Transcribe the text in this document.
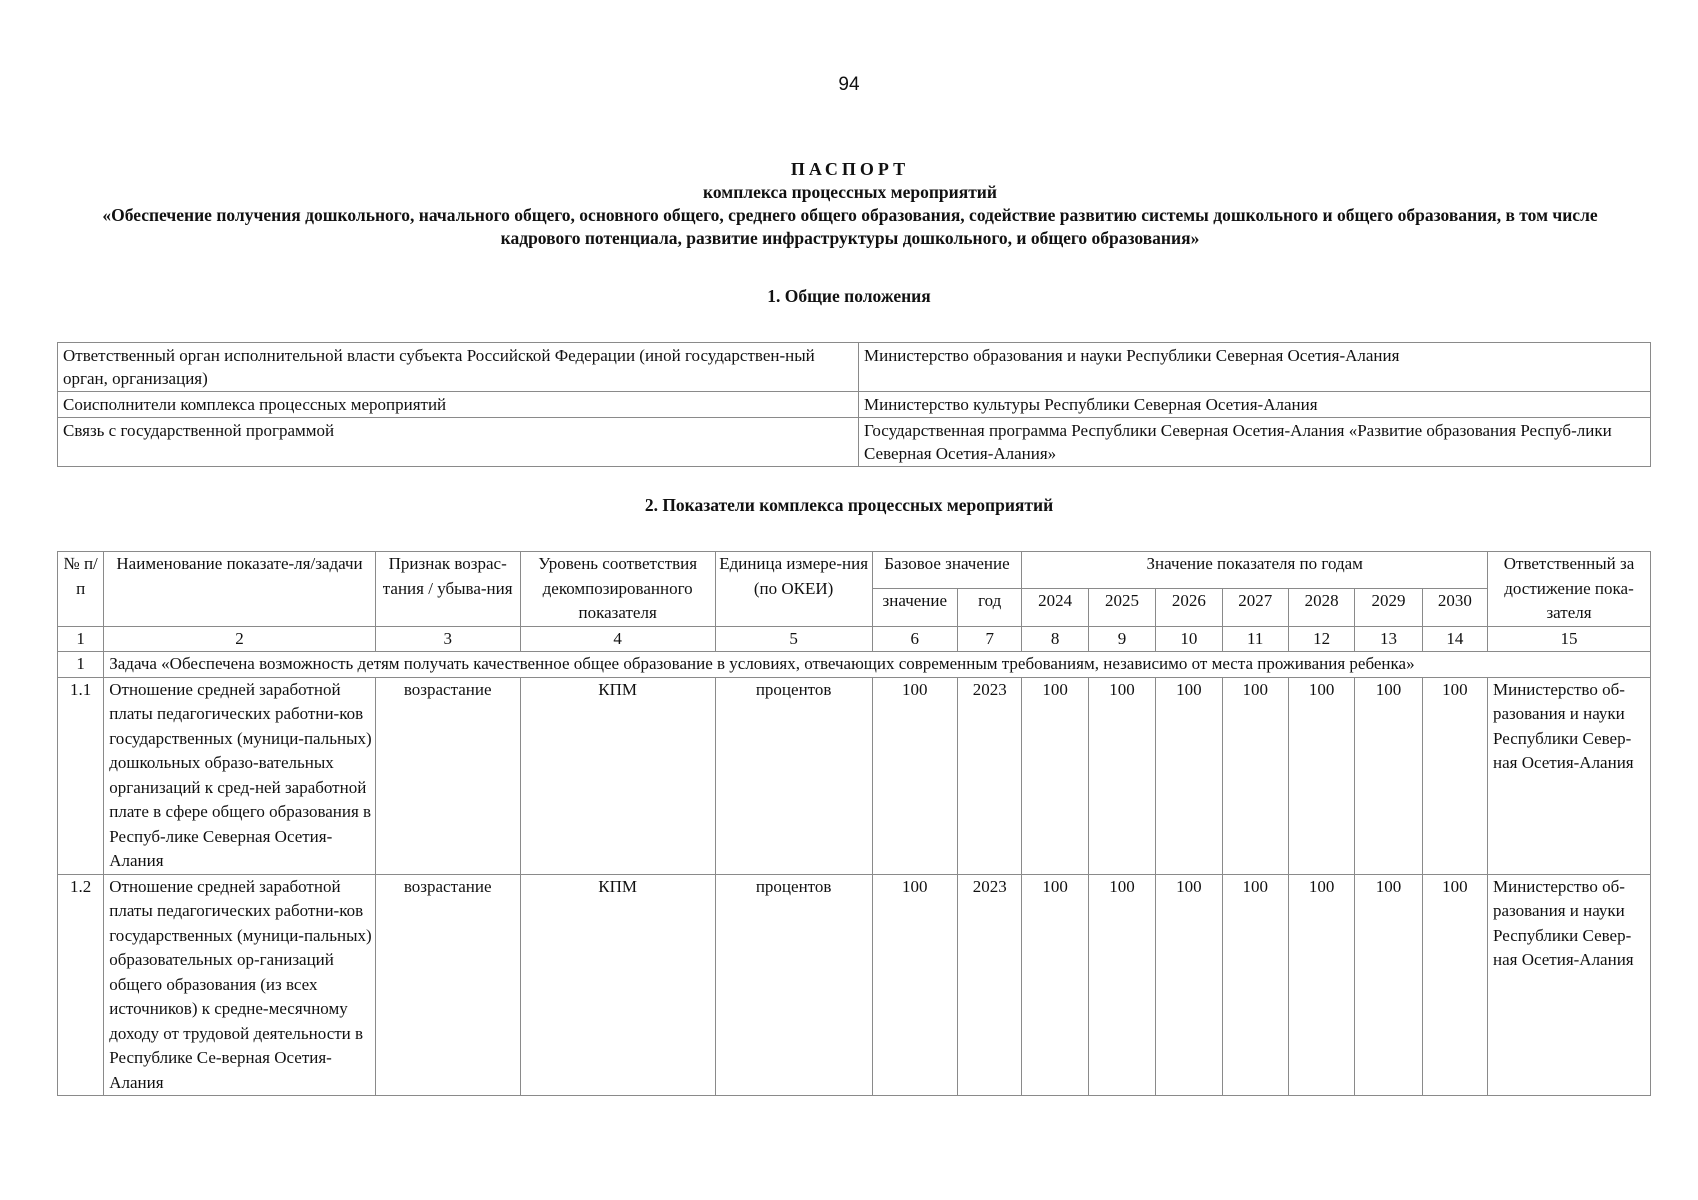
94
ПАСПОРТ
комплекса процессных мероприятий
«Обеспечение получения дошкольного, начального общего, основного общего, среднего общего образования, содействие развитию системы дошкольного и общего образования, в том числе
кадрового потенциала, развитие инфраструктуры дошкольного, и общего образования»
1. Общие положения
Ответственный орган исполнительной власти субъекта Российской Федерации (иной государствен-ный орган, организация)	Министерство образования и науки Республики Северная Осетия-Алания
Соисполнители комплекса процессных мероприятий	Министерство культуры Республики Северная Осетия-Алания
Связь с государственной программой	Государственная программа Республики Северная Осетия-Алания «Развитие образования Респуб-лики Северная Осетия-Алания»
2. Показатели комплекса процессных мероприятий
№ п/п	Наименование показате-ля/задачи	Признак возрас-тания / убыва-ния	Уровень соответствия декомпозированного показателя	Единица измере-ния (по ОКЕИ)	Базовое значение		Значение показателя по годам							Ответственный за достижение пока-зателя
					значение	год	2024	2025	2026	2027	2028	2029	2030	
1	2	3	4	5	6	7	8	9	10	11	12	13	14	15
1	Задача «Обеспечена возможность детям получать качественное общее образование в условиях, отвечающих современным требованиям, независимо от места проживания ребенка»													
1.1	Отношение средней заработной платы педагогических работни-ков государственных (муници-пальных) дошкольных образо-вательных организаций к сред-ней заработной плате в сфере общего образования в Респуб-лике Северная Осетия-Алания	возрастание	КПМ	процентов	100	2023	100	100	100	100	100	100	100	Министерство об-разования и науки Республики Север-ная Осетия-Алания
1.2	Отношение средней заработной платы педагогических работни-ков государственных (муници-пальных) образовательных ор-ганизаций общего образования (из всех источников) к средне-месячному доходу от трудовой деятельности в Республике Се-верная Осетия-Алания	возрастание	КПМ	процентов	100	2023	100	100	100	100	100	100	100	Министерство об-разования и науки Республики Север-ная Осетия-Алания
